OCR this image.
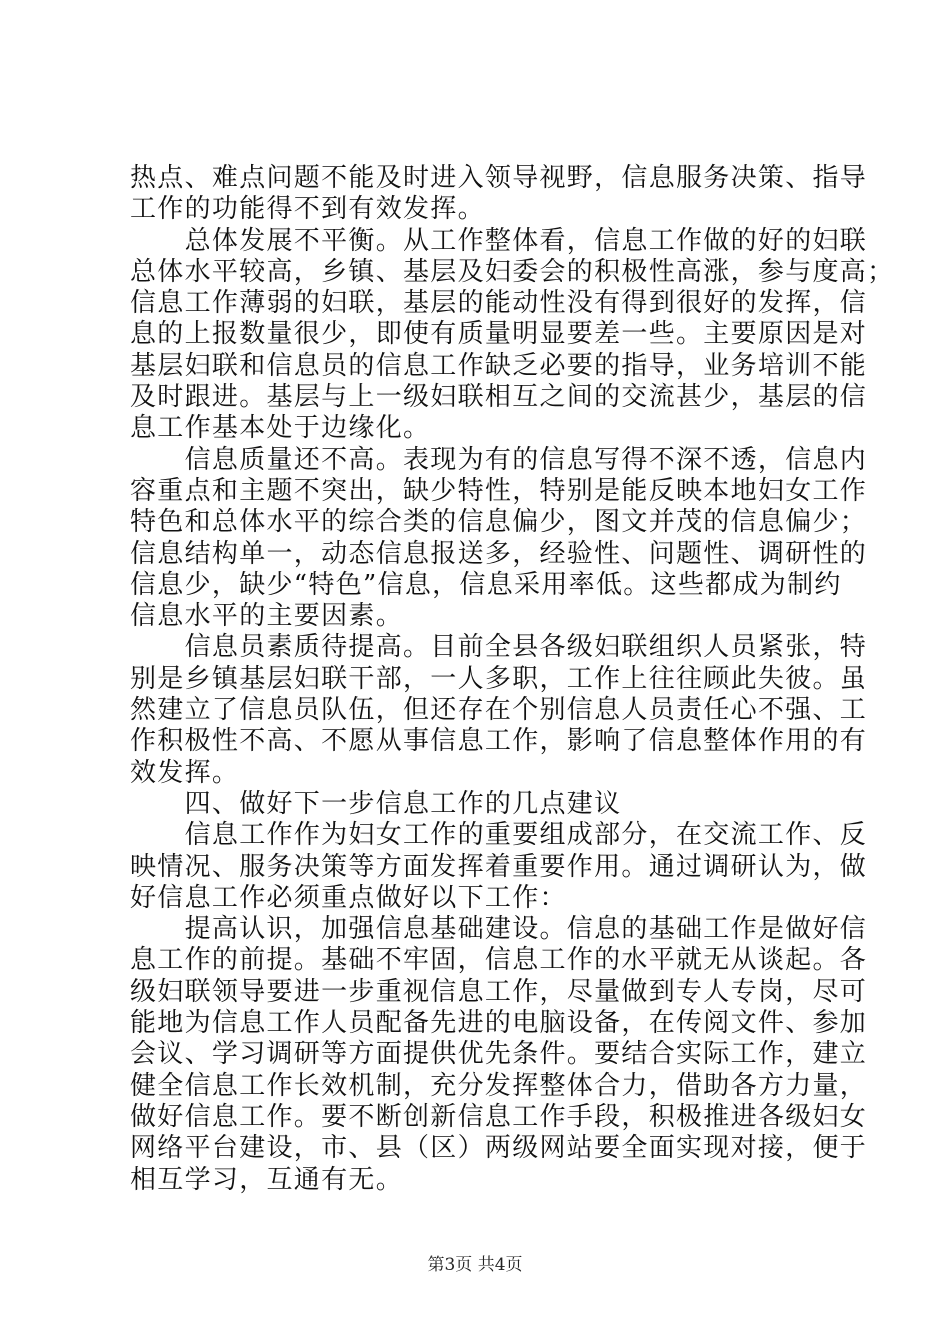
热点、难点问题不能及时进入领导视野，信息服务决策、指导
工作的功能得不到有效发挥。
　　总体发展不平衡。从工作整体看，信息工作做的好的妇联
总体水平较高，乡镇、基层及妇委会的积极性高涨，参与度高；
信息工作薄弱的妇联，基层的能动性没有得到很好的发挥，信
息的上报数量很少，即使有质量明显要差一些。主要原因是对
基层妇联和信息员的信息工作缺乏必要的指导，业务培训不能
及时跟进。基层与上一级妇联相互之间的交流甚少，基层的信
息工作基本处于边缘化。
　　信息质量还不高。表现为有的信息写得不深不透，信息内
容重点和主题不突出，缺少特性，特别是能反映本地妇女工作
特色和总体水平的综合类的信息偏少，图文并茂的信息偏少；
信息结构单一，动态信息报送多，经验性、问题性、调研性的
信息少，缺少“特色”信息，信息采用率低。这些都成为制约
信息水平的主要因素。
　　信息员素质待提高。目前全县各级妇联组织人员紧张，特
别是乡镇基层妇联干部，一人多职，工作上往往顾此失彼。虽
然建立了信息员队伍，但还存在个别信息人员责任心不强、工
作积极性不高、不愿从事信息工作，影响了信息整体作用的有
效发挥。
　　四、做好下一步信息工作的几点建议
　　信息工作作为妇女工作的重要组成部分，在交流工作、反
映情况、服务决策等方面发挥着重要作用。通过调研认为，做
好信息工作必须重点做好以下工作：
　　提高认识，加强信息基础建设。信息的基础工作是做好信
息工作的前提。基础不牢固，信息工作的水平就无从谈起。各
级妇联领导要进一步重视信息工作，尽量做到专人专岗，尽可
能地为信息工作人员配备先进的电脑设备，在传阅文件、参加
会议、学习调研等方面提供优先条件。要结合实际工作，建立
健全信息工作长效机制，充分发挥整体合力，借助各方力量，
做好信息工作。要不断创新信息工作手段，积极推进各级妇女
网络平台建设，市、县（区）两级网站要全面实现对接，便于
相互学习，互通有无。
第3页 共4页
